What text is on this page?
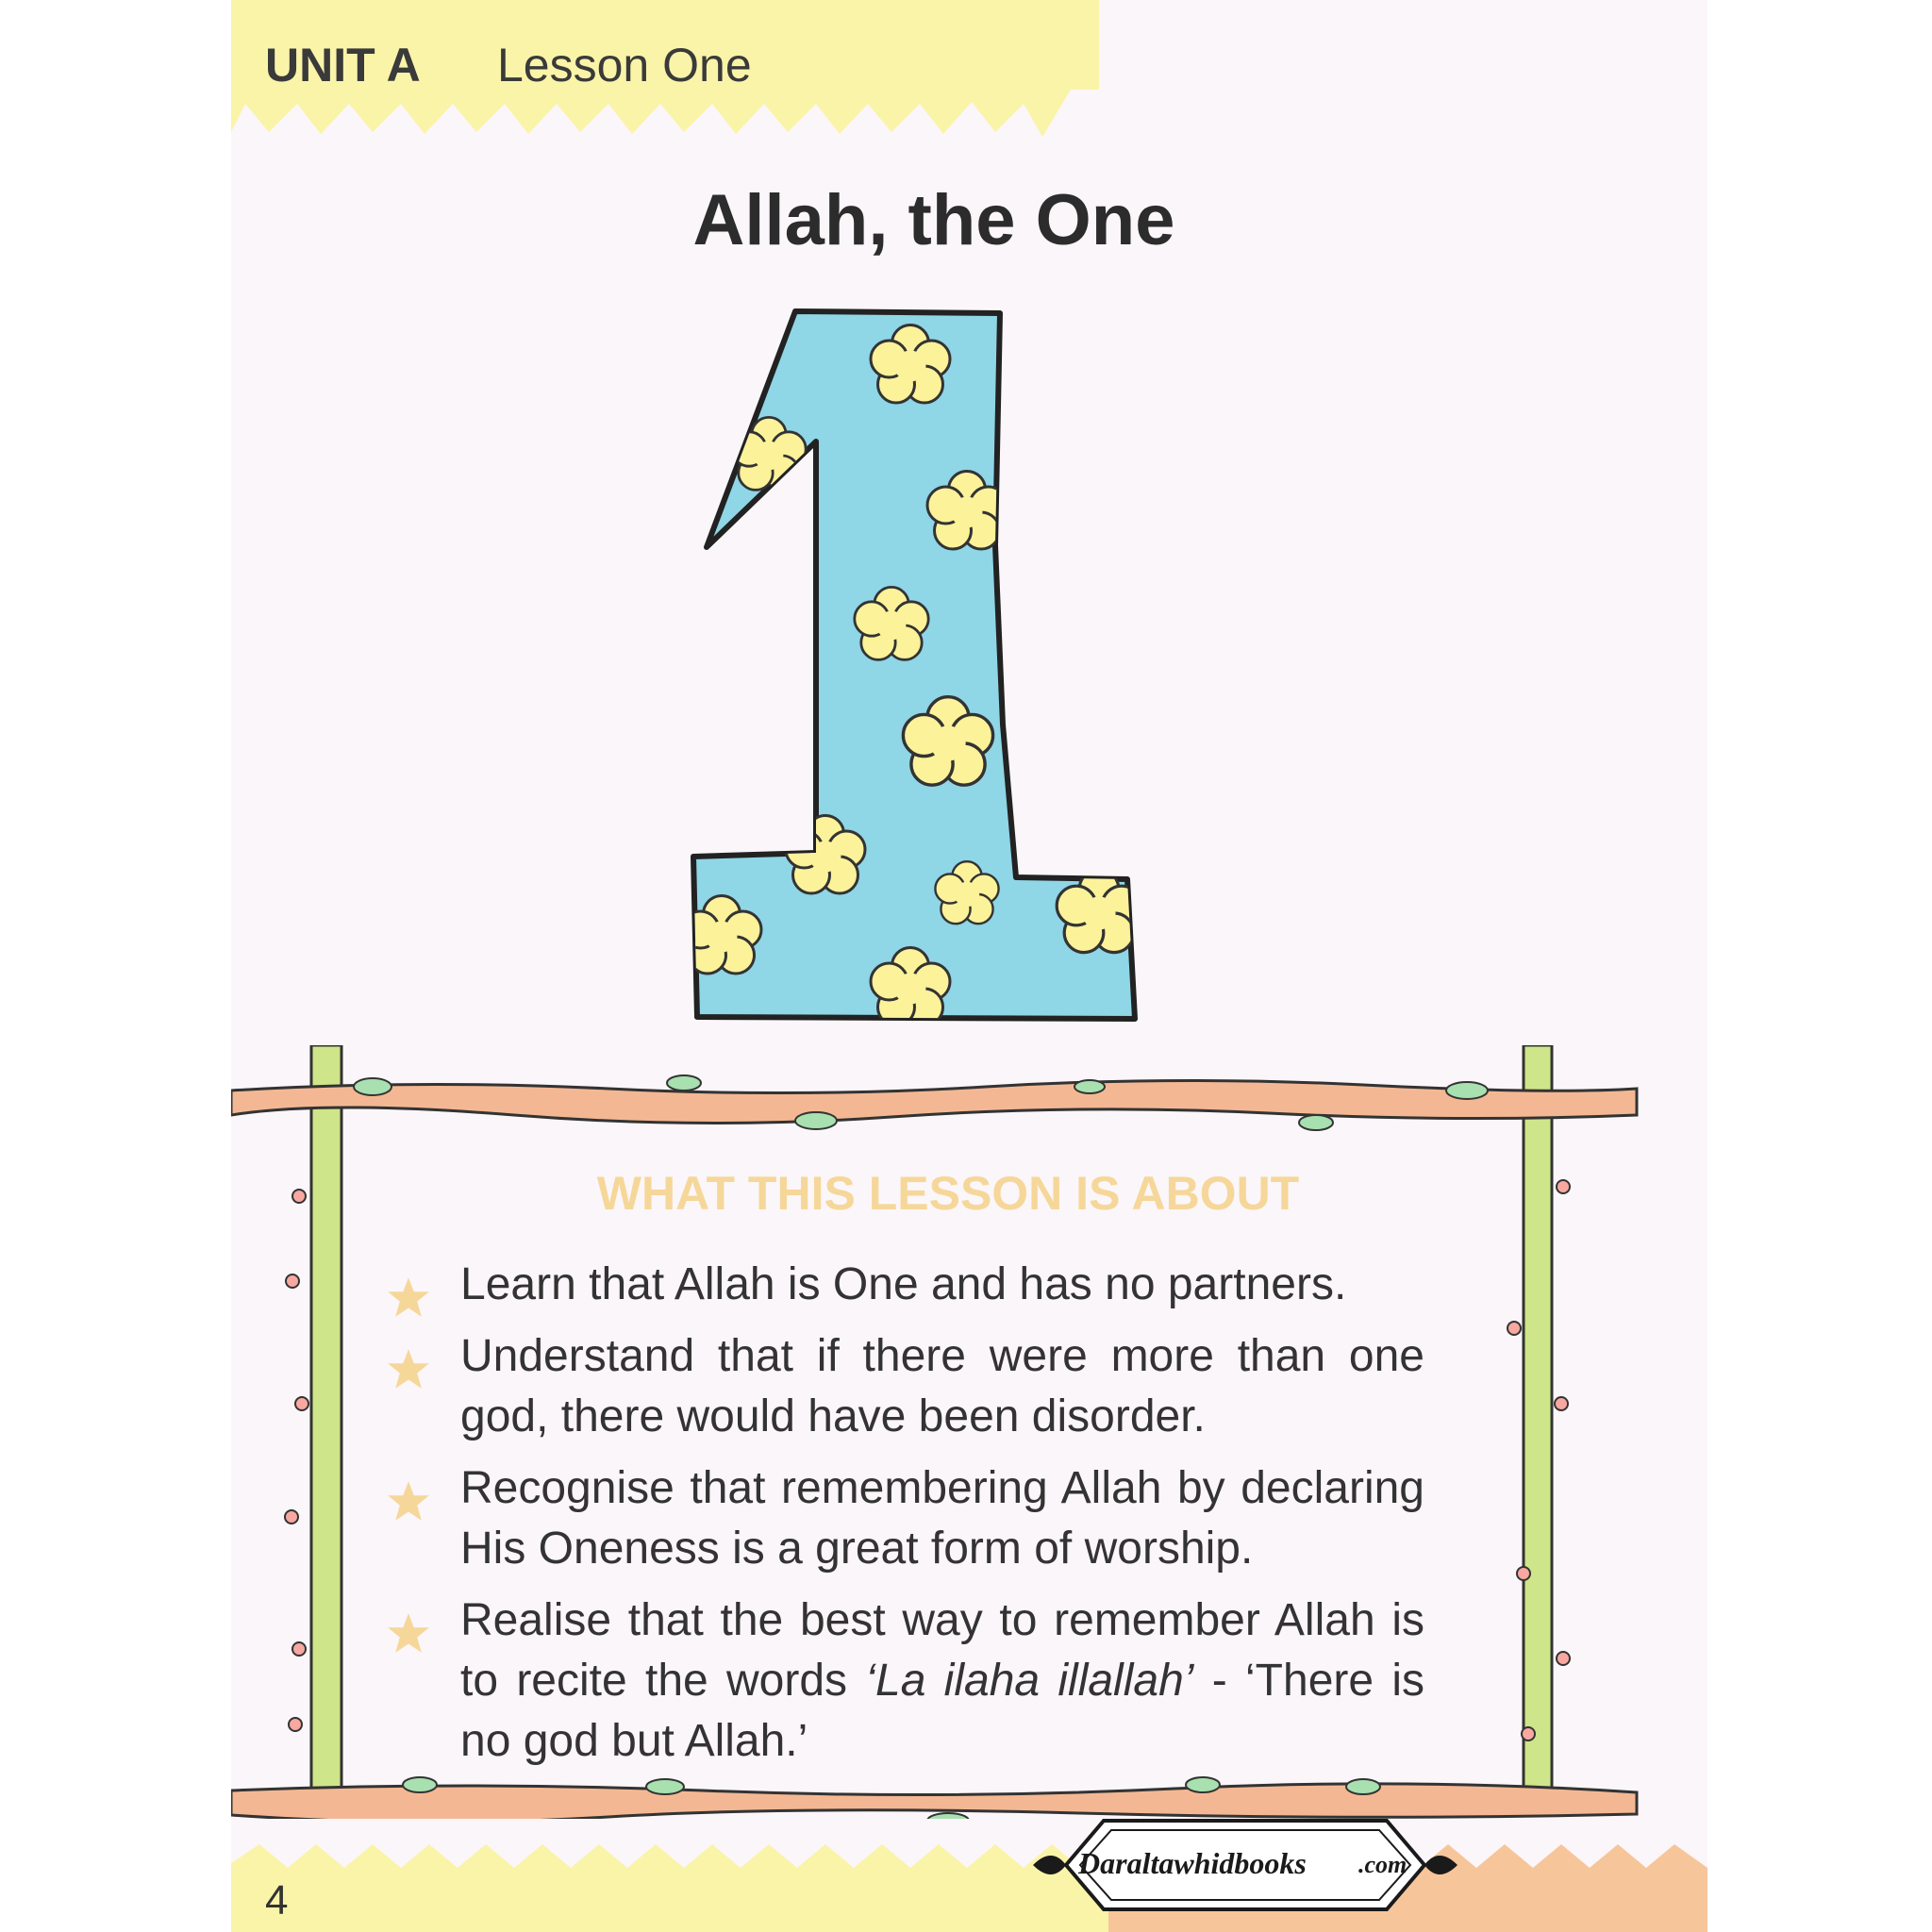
UNIT A Lesson One
Allah, the One
WHAT THIS LESSON IS ABOUT
Learn that Allah is One and has no partners.
Understand that if there were more than one god, there would have been disorder.
Recognise that remembering Allah by declaring His Oneness is a great form of worship.
Realise that the best way to remember Allah is to recite the words ‘La ilaha illallah’ - ‘There is no god but Allah.’
4
Daraltawhidbooks .com
